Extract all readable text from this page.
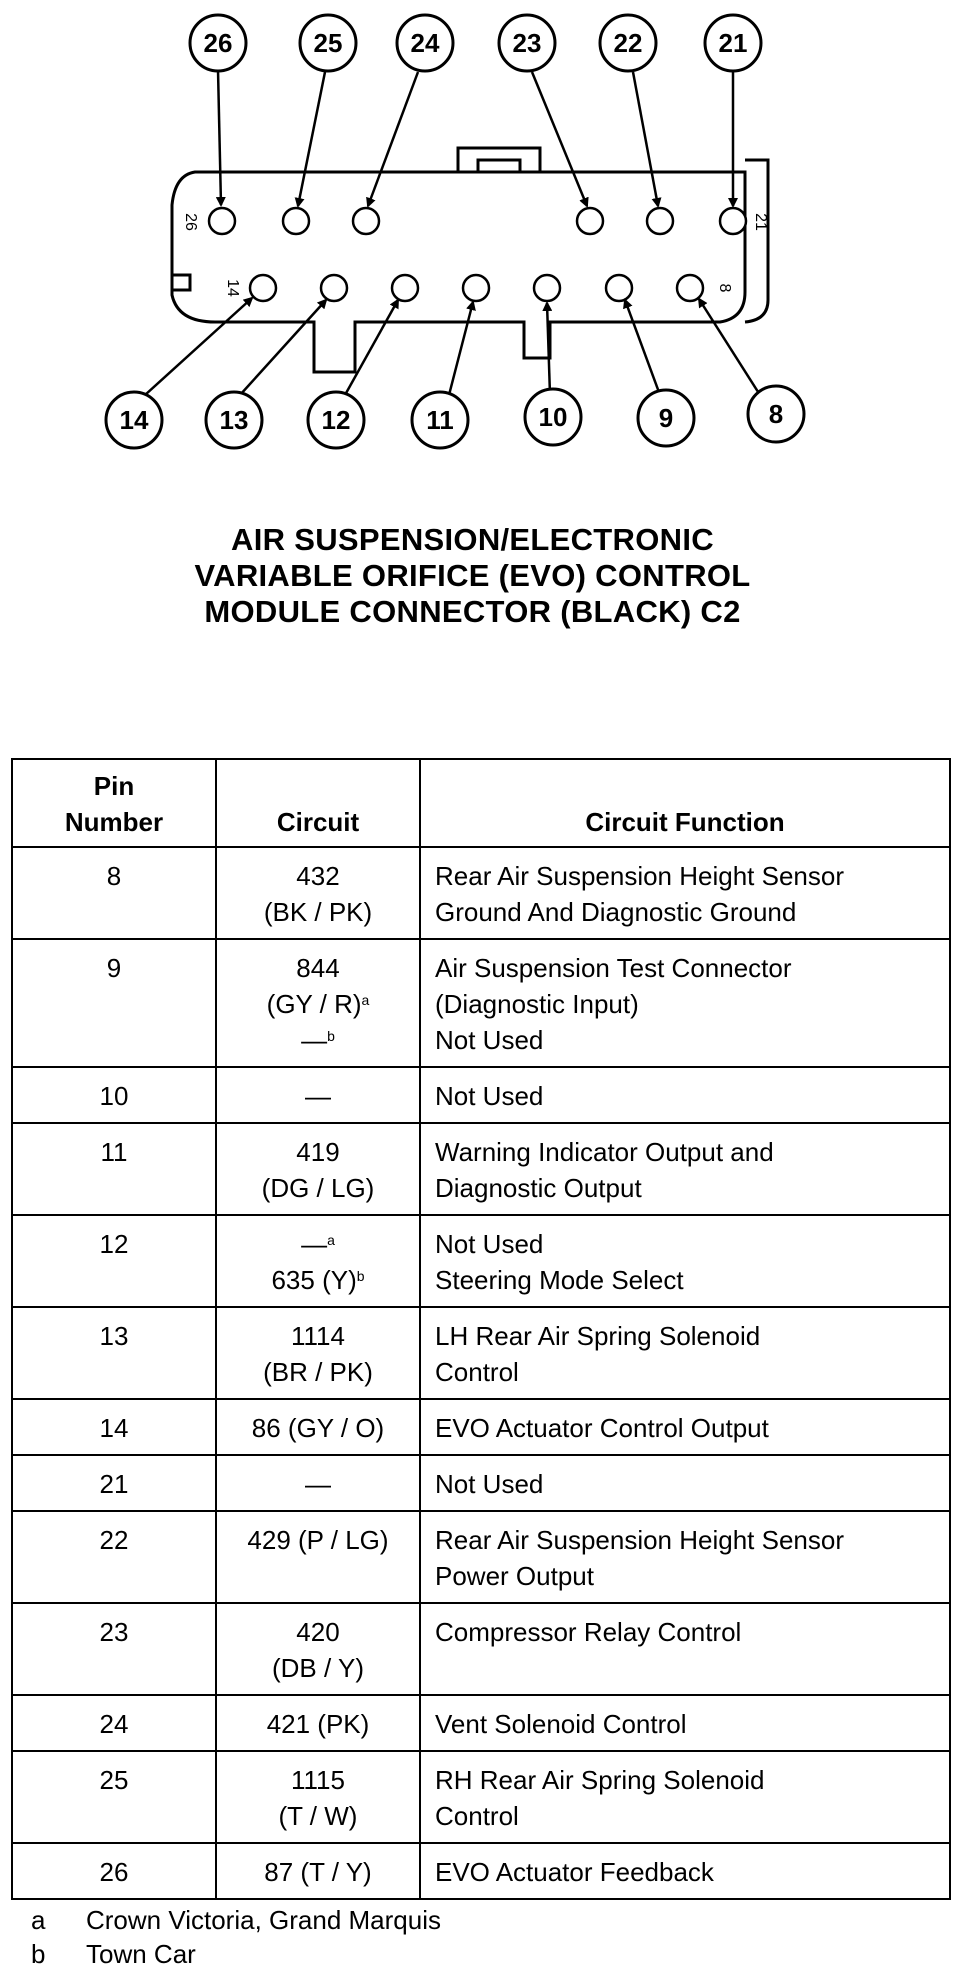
26	21
14	8
26	25	24	23	22	21
14	13	12	11	10	9	8
AIR SUSPENSION/ELECTRONIC
VARIABLE ORIFICE (EVO) CONTROL
MODULE CONNECTOR (BLACK) C2
Pin
Number	Circuit	Circuit Function
8	432
(BK / PK)	Rear Air Suspension Height Sensor
Ground And Diagnostic Ground

9	844
(GY / R)$^a$
—$^b$	Air Suspension Test Connector
(Diagnostic Input)
Not Used

10	—	Not Used

11	419
(DG / LG)	Warning Indicator Output and
Diagnostic Output

12	—$^a$
635 $(Y)^b$	Not Used
Steering Mode Select

13	1114
(BR / PK)	LH Rear Air Spring Solenoid
Control

14	86 (GY / O)	EVO Actuator Control Output

21	—	Not Used

22	429 (P / LG)	Rear Air Suspension Height Sensor
Power Output

23	420
(DB / Y)	Compressor Relay Control

24	421 (PK)	Vent Solenoid Control

25	1115
(T / W)	RH Rear Air Spring Solenoid
Control

26	87 (T / Y)	EVO Actuator Feedback
a Crown Victoria, Grand Marquis
b Town Car
